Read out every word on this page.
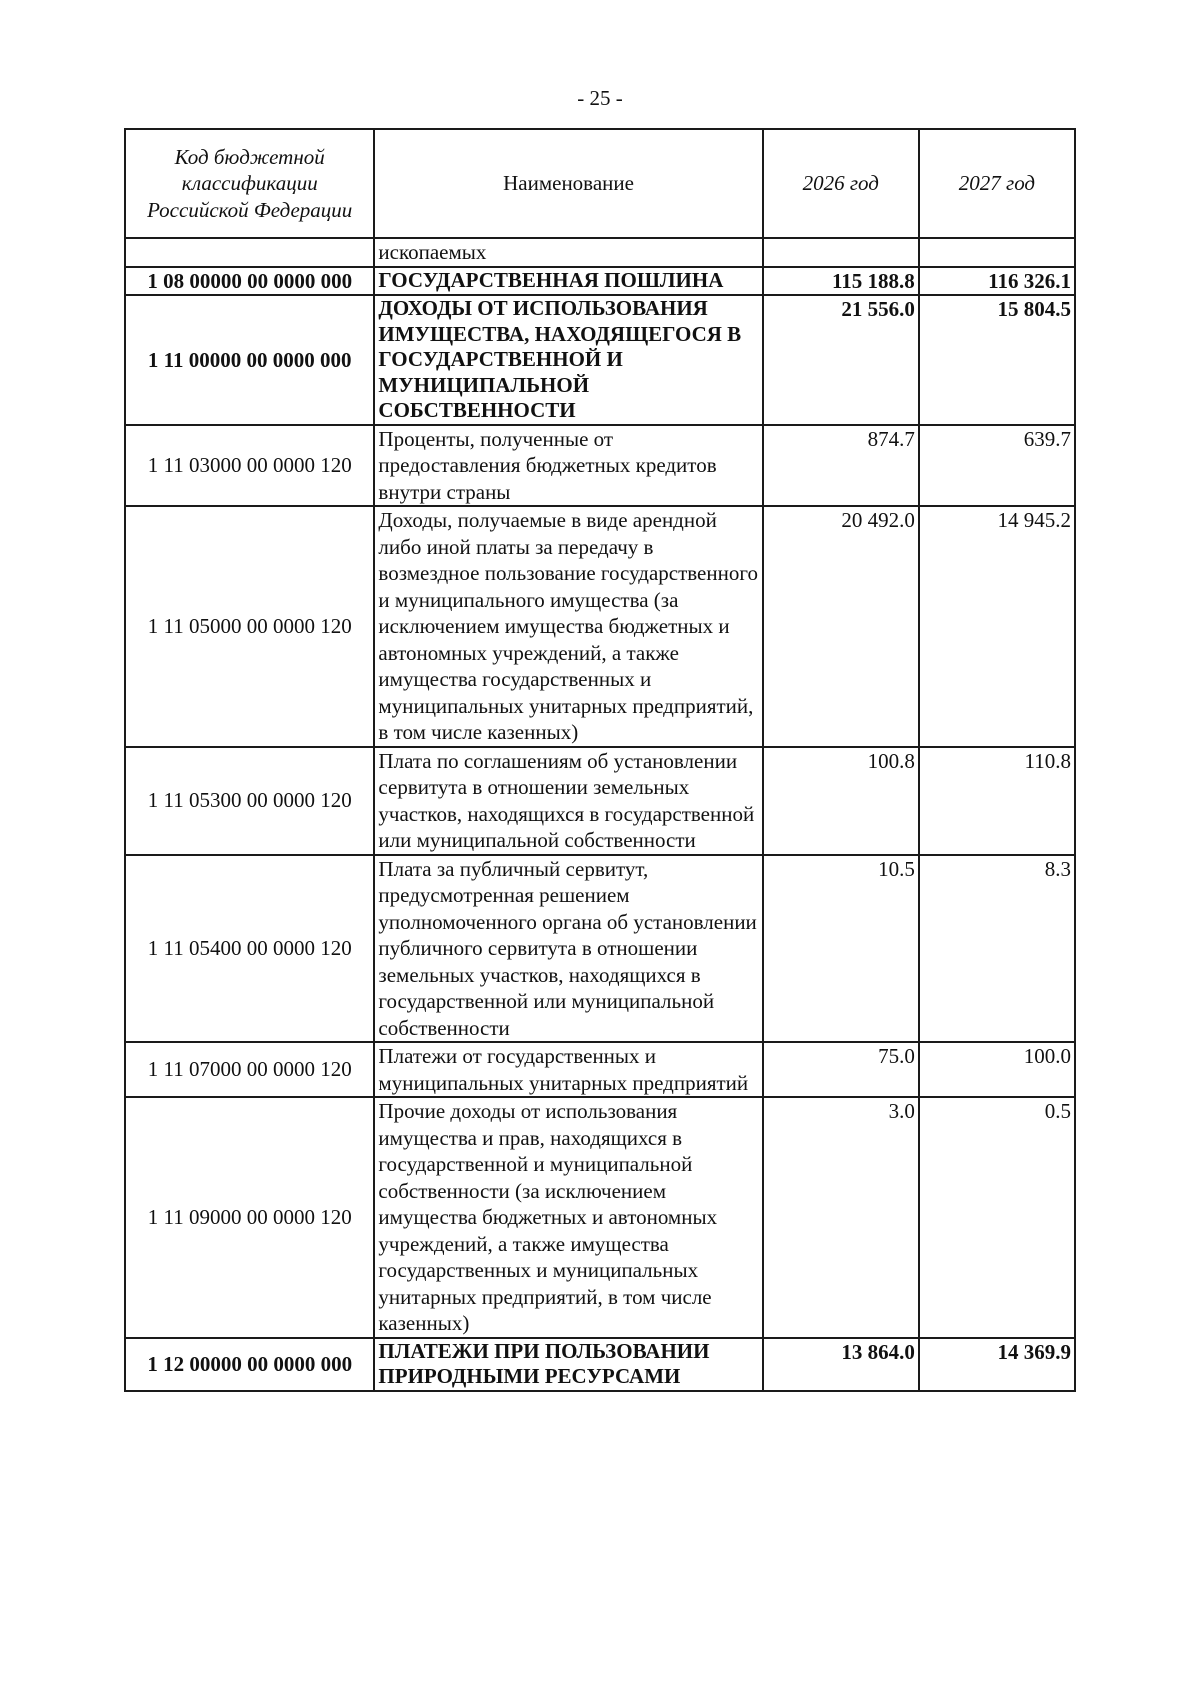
- 25 -
Код бюджетной классификации Российской Федерации	Наименование	2026 год	2027 год
	ископаемых		
1 08 00000 00 0000 000	ГОСУДАРСТВЕННАЯ ПОШЛИНА	115 188.8	116 326.1
1 11 00000 00 0000 000	ДОХОДЫ ОТ ИСПОЛЬЗОВАНИЯ ИМУЩЕСТВА, НАХОДЯЩЕГОСЯ В ГОСУДАРСТВЕННОЙ И МУНИЦИПАЛЬНОЙ СОБСТВЕННОСТИ	21 556.0	15 804.5
1 11 03000 00 0000 120	Проценты, полученные от предоставления бюджетных кредитов внутри страны	874.7	639.7
1 11 05000 00 0000 120	Доходы, получаемые в виде арендной либо иной платы за передачу в возмездное пользование государственного и муниципального имущества (за исключением имущества бюджетных и автономных учреждений, а также имущества государственных и муниципальных унитарных предприятий, в том числе казенных)	20 492.0	14 945.2
1 11 05300 00 0000 120	Плата по соглашениям об установлении сервитута в отношении земельных участков, находящихся в государственной или муниципальной собственности	100.8	110.8
1 11 05400 00 0000 120	Плата за публичный сервитут, предусмотренная решением уполномоченного органа об установлении публичного сервитута в отношении земельных участков, находящихся в государственной или муниципальной собственности	10.5	8.3
1 11 07000 00 0000 120	Платежи от государственных и муниципальных унитарных предприятий	75.0	100.0
1 11 09000 00 0000 120	Прочие доходы от использования имущества и прав, находящихся в государственной и муниципальной собственности (за исключением имущества бюджетных и автономных учреждений, а также имущества государственных и муниципальных унитарных предприятий, в том числе казенных)	3.0	0.5
1 12 00000 00 0000 000	ПЛАТЕЖИ ПРИ ПОЛЬЗОВАНИИ ПРИРОДНЫМИ РЕСУРСАМИ	13 864.0	14 369.9
